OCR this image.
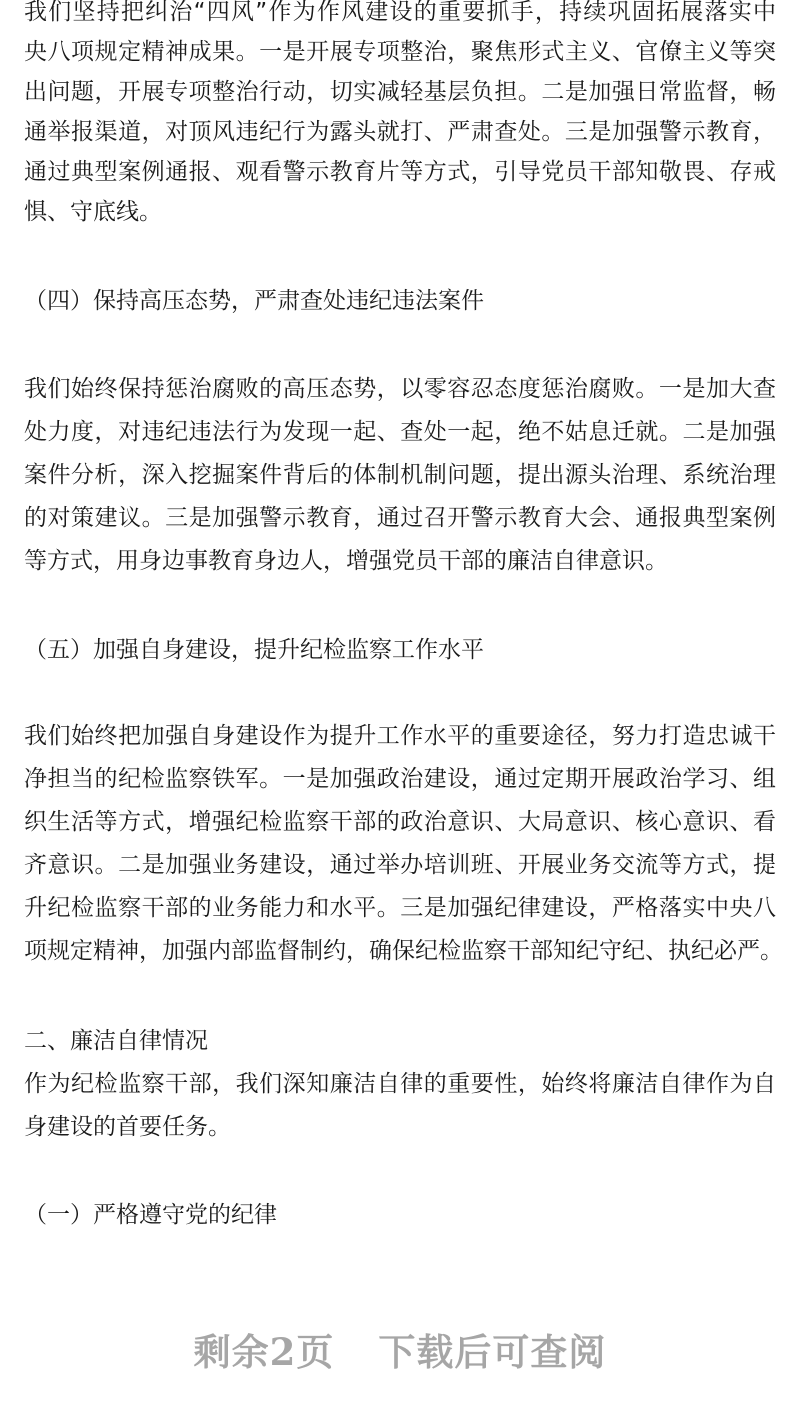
我们坚持把纠治“四风”作为作风建设的重要抓手，持续巩固拓展落实中
央八项规定精神成果。一是开展专项整治，聚焦形式主义、官僚主义等突
出问题，开展专项整治行动，切实减轻基层负担。二是加强日常监督，畅
通举报渠道，对顶风违纪行为露头就打、严肃查处。三是加强警示教育，
通过典型案例通报、观看警示教育片等方式，引导党员干部知敬畏、存戒
惧、守底线。
（四）保持高压态势，严肃查处违纪违法案件
我们始终保持惩治腐败的高压态势，以零容忍态度惩治腐败。一是加大查
处力度，对违纪违法行为发现一起、查处一起，绝不姑息迁就。二是加强
案件分析，深入挖掘案件背后的体制机制问题，提出源头治理、系统治理
的对策建议。三是加强警示教育，通过召开警示教育大会、通报典型案例
等方式，用身边事教育身边人，增强党员干部的廉洁自律意识。
（五）加强自身建设，提升纪检监察工作水平
我们始终把加强自身建设作为提升工作水平的重要途径，努力打造忠诚干
净担当的纪检监察铁军。一是加强政治建设，通过定期开展政治学习、组
织生活等方式，增强纪检监察干部的政治意识、大局意识、核心意识、看
齐意识。二是加强业务建设，通过举办培训班、开展业务交流等方式，提
升纪检监察干部的业务能力和水平。三是加强纪律建设，严格落实中央八
项规定精神，加强内部监督制约，确保纪检监察干部知纪守纪、执纪必严。
二、廉洁自律情况
作为纪检监察干部，我们深知廉洁自律的重要性，始终将廉洁自律作为自
身建设的首要任务。
（一）严格遵守党的纪律
剩余2页 下载后可查阅
